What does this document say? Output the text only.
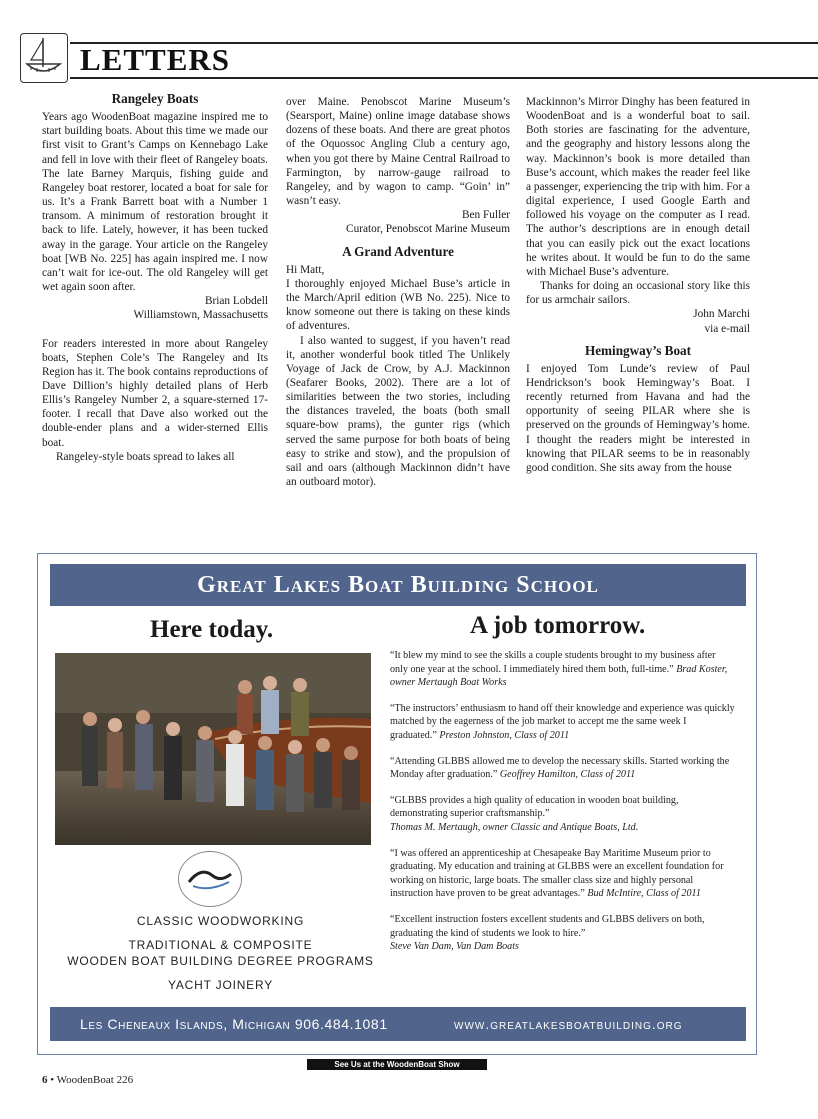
LETTERS

Rangeley Boats

Years ago WoodenBoat magazine inspired me to start building boats. About this time we made our first visit to Grant’s Camps on Kennebago Lake and fell in love with their fleet of Rangeley boats. The late Barney Marquis, fishing guide and Rangeley boat restorer, located a boat for sale for us. It’s a Frank Barrett boat with a Number 1 transom. A minimum of restoration brought it back to life. Lately, however, it has been tucked away in the garage. Your article on the Rangeley boat [WB No. 225] has again inspired me. I now can’t wait for ice-out. The old Rangeley will get wet again soon after.

Brian Lobdell

Williamstown, Massachusetts

For readers interested in more about Rangeley boats, Stephen Cole’s The Rangeley and Its Region has it. The book contains reproductions of Dave Dillion’s highly detailed plans of Herb Ellis’s Rangeley Number 2, a square-sterned 17-footer. I recall that Dave also worked out the double-ender plans and a wider-sterned Ellis boat.

Rangeley-style boats spread to lakes all

over Maine. Penobscot Marine Museum’s (Searsport, Maine) online image database shows dozens of these boats. And there are great photos of the Oquossoc Angling Club a century ago, when you got there by Maine Central Railroad to Farmington, by narrow-gauge railroad to Rangeley, and by wagon to camp. “Goin’ in” wasn’t easy.

Ben Fuller

Curator, Penobscot Marine Museum

A Grand Adventure

Hi Matt,

I thoroughly enjoyed Michael Buse’s article in the March/April edition (WB No. 225). Nice to know someone out there is taking on these kinds of adventures.

I also wanted to suggest, if you haven’t read it, another wonderful book titled The Unlikely Voyage of Jack de Crow, by A.J. Mackinnon (Seafarer Books, 2002). There are a lot of similarities between the two stories, including the distances traveled, the boats (both small square-bow prams), the gunter rigs (which served the same purpose for both boats of being easy to strike and stow), and the propulsion of sail and oars (although Mackinnon didn’t have an outboard motor).

Mackinnon’s Mirror Dinghy has been featured in WoodenBoat and is a wonderful boat to sail. Both stories are fascinating for the adventure, and the geography and history lessons along the way. Mackinnon’s book is more detailed than Buse’s account, which makes the reader feel like a passenger, experiencing the trip with him. For a digital experience, I used Google Earth and followed his voyage on the computer as I read. The author’s descriptions are in enough detail that you can easily pick out the exact locations he writes about. It would be fun to do the same with Michael Buse’s adventure.

Thanks for doing an occasional story like this for us armchair sailors.

John Marchi

via e-mail

Hemingway’s Boat

I enjoyed Tom Lunde’s review of Paul Hendrickson’s book Hemingway’s Boat. I recently returned from Havana and had the opportunity of seeing PILAR where she is preserved on the grounds of Hemingway’s home. I thought the readers might be interested in knowing that PILAR seems to be in reasonably good condition. She sits away from the house

Great Lakes Boat Building School
Here today.	A job tomorrow.
“It blew my mind to see the skills a couple students brought to my business after only one year at the school. I immediately hired them both, full-time.” Brad Koster, owner Mertaugh Boat Works
“The instructors’ enthusiasm to hand off their knowledge and experience was quickly matched by the eagerness of the job market to accept me the same week I graduated.” Preston Johnston, Class of 2011
“Attending GLBBS allowed me to develop the necessary skills. Started working the Monday after graduation.” Geoffrey Hamilton, Class of 2011
“GLBBS provides a high quality of education in wooden boat building, demonstrating superior craftsmanship.”
Thomas M. Mertaugh, owner Classic and Antique Boats, Ltd.
“I was offered an apprenticeship at Chesapeake Bay Maritime Museum prior to graduating. My education and training at GLBBS were an excellent foundation for working on historic, large boats. The smaller class size and highly personal instruction have proven to be great advantages.” Bud McIntire, Class of 2011
“Excellent instruction fosters excellent students and GLBBS delivers on both, graduating the kind of students we look to hire.”
Steve Van Dam, Van Dam Boats
CLASSIC WOODWORKING
TRADITIONAL & COMPOSITE
WOODEN BOAT BUILDING DEGREE PROGRAMS
YACHT JOINERY
Les Cheneaux Islands, Michigan 906.484.1081	www.greatlakesboatbuilding.org
See Us at the WoodenBoat Show
6 • WoodenBoat 226
